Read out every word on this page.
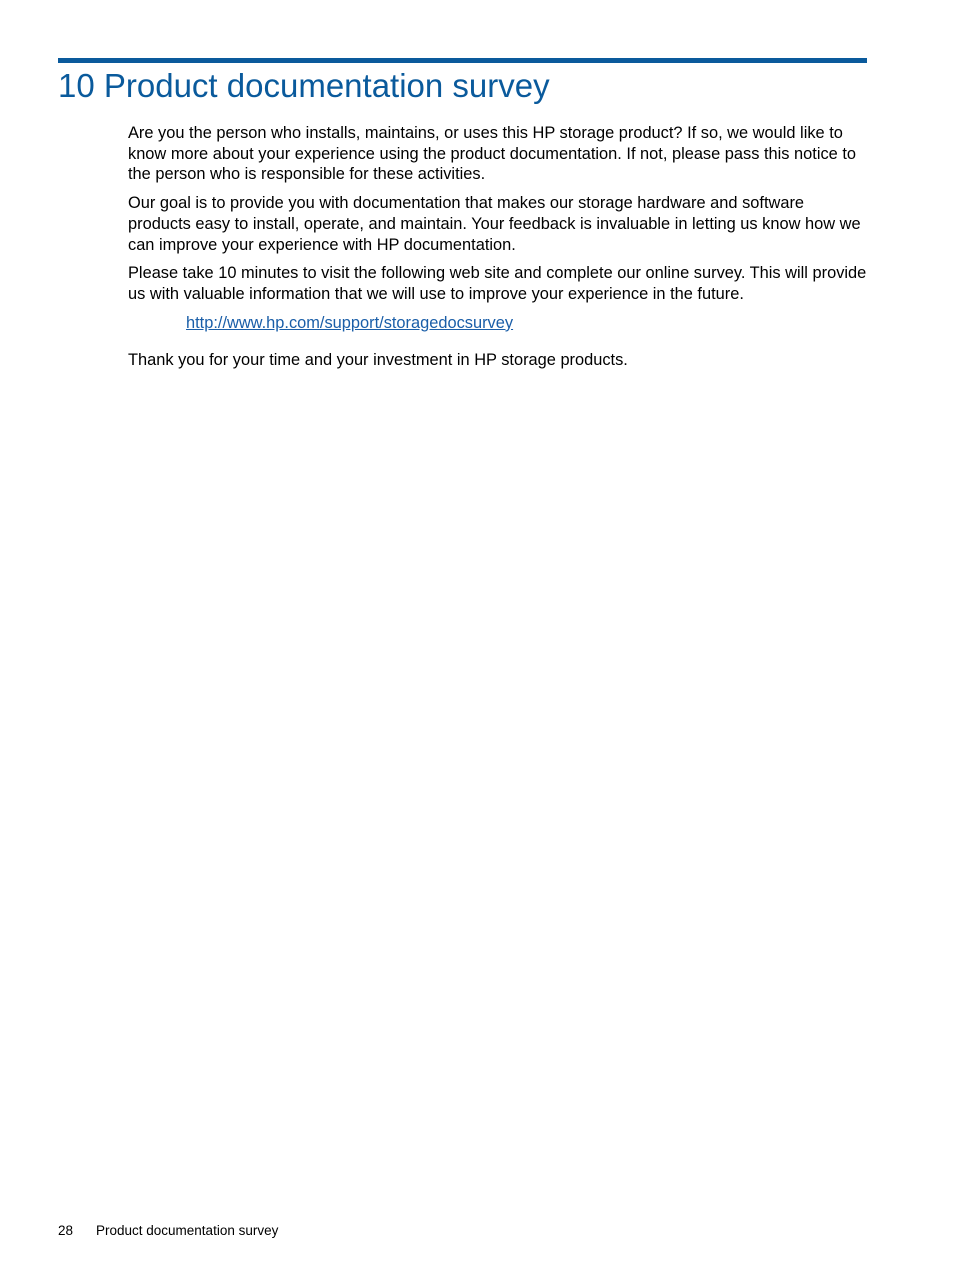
10 Product documentation survey

Are you the person who installs, maintains, or uses this HP storage product? If so, we would like to know more about your experience using the product documentation. If not, please pass this notice to the person who is responsible for these activities.

Our goal is to provide you with documentation that makes our storage hardware and software products easy to install, operate, and maintain. Your feedback is invaluable in letting us know how we can improve your experience with HP documentation.

Please take 10 minutes to visit the following web site and complete our online survey. This will provide us with valuable information that we will use to improve your experience in the future.

http://www.hp.com/support/storagedocsurvey

Thank you for your time and your investment in HP storage products.

28 Product documentation survey
